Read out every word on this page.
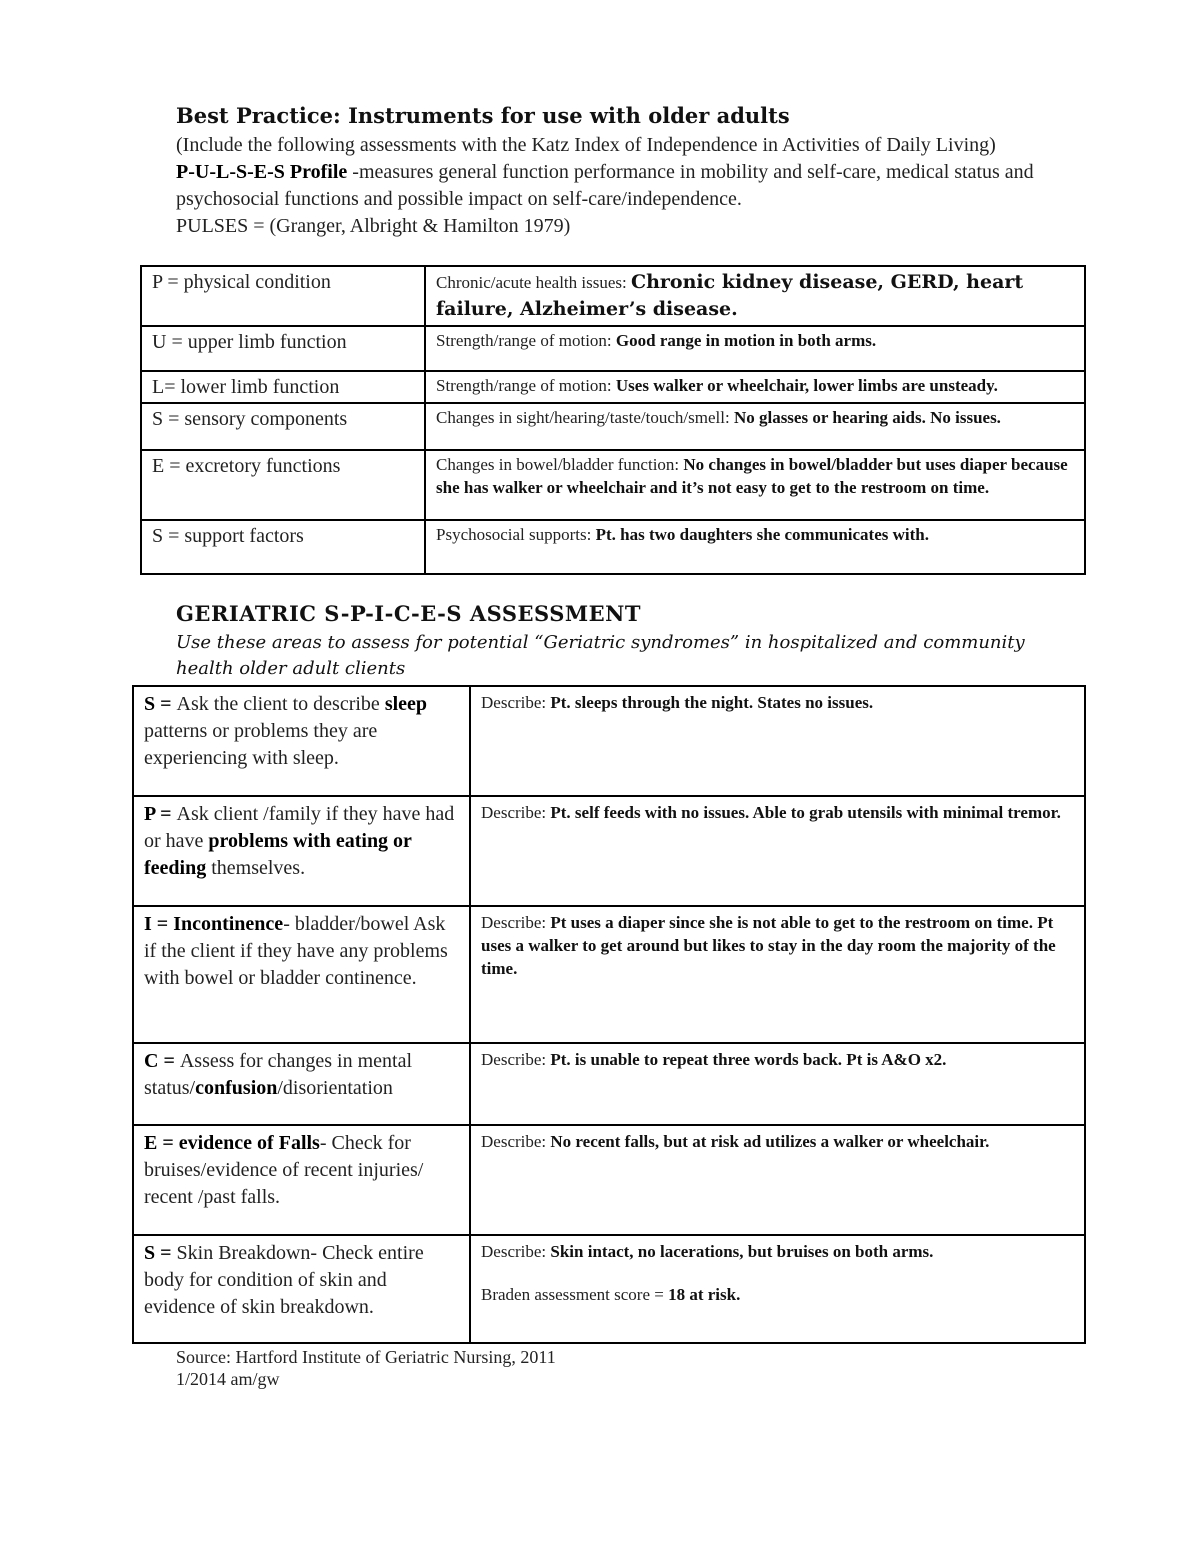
Best Practice: Instruments for use with older adults
(Include the following assessments with the Katz Index of Independence in Activities of Daily Living)
P-U-L-S-E-S Profile -measures general function performance in mobility and self-care, medical status and psychosocial functions and possible impact on self-care/independence.
PULSES = (Granger, Albright & Hamilton 1979)
P = physical condition	Chronic/acute health issues: Chronic kidney disease, GERD, heart failure, Alzheimer’s disease.
U = upper limb function	Strength/range of motion: Good range in motion in both arms.
L= lower limb function	Strength/range of motion: Uses walker or wheelchair, lower limbs are unsteady.
S = sensory components	Changes in sight/hearing/taste/touch/smell: No glasses or hearing aids. No issues.
E = excretory functions	Changes in bowel/bladder function: No changes in bowel/bladder but uses diaper because she has walker or wheelchair and it’s not easy to get to the restroom on time.
S = support factors	Psychosocial supports: Pt. has two daughters she communicates with.
GERIATRIC S-P-I-C-E-S ASSESSMENT
Use these areas to assess for potential “Geriatric syndromes” in hospitalized and community health older adult clients
S = Ask the client to describe sleep patterns or problems they are experiencing with sleep.	Describe: Pt. sleeps through the night. States no issues.
P = Ask client /family if they have had or have problems with eating or feeding themselves.	Describe: Pt. self feeds with no issues. Able to grab utensils with minimal tremor.
I = Incontinence- bladder/bowel Ask if the client if they have any problems with bowel or bladder continence.	Describe: Pt uses a diaper since she is not able to get to the restroom on time. Pt uses a walker to get around but likes to stay in the day room the majority of the time.
C = Assess for changes in mental status/confusion/disorientation	Describe: Pt. is unable to repeat three words back. Pt is A&O x2.
E = evidence of Falls- Check for bruises/evidence of recent injuries/ recent /past falls.	Describe: No recent falls, but at risk ad utilizes a walker or wheelchair.
S = Skin Breakdown- Check entire body for condition of skin and evidence of skin breakdown.	Describe: Skin intact, no lacerations, but bruises on both arms.
Braden assessment score = 18 at risk.
Source: Hartford Institute of Geriatric Nursing, 2011
1/2014 am/gw
